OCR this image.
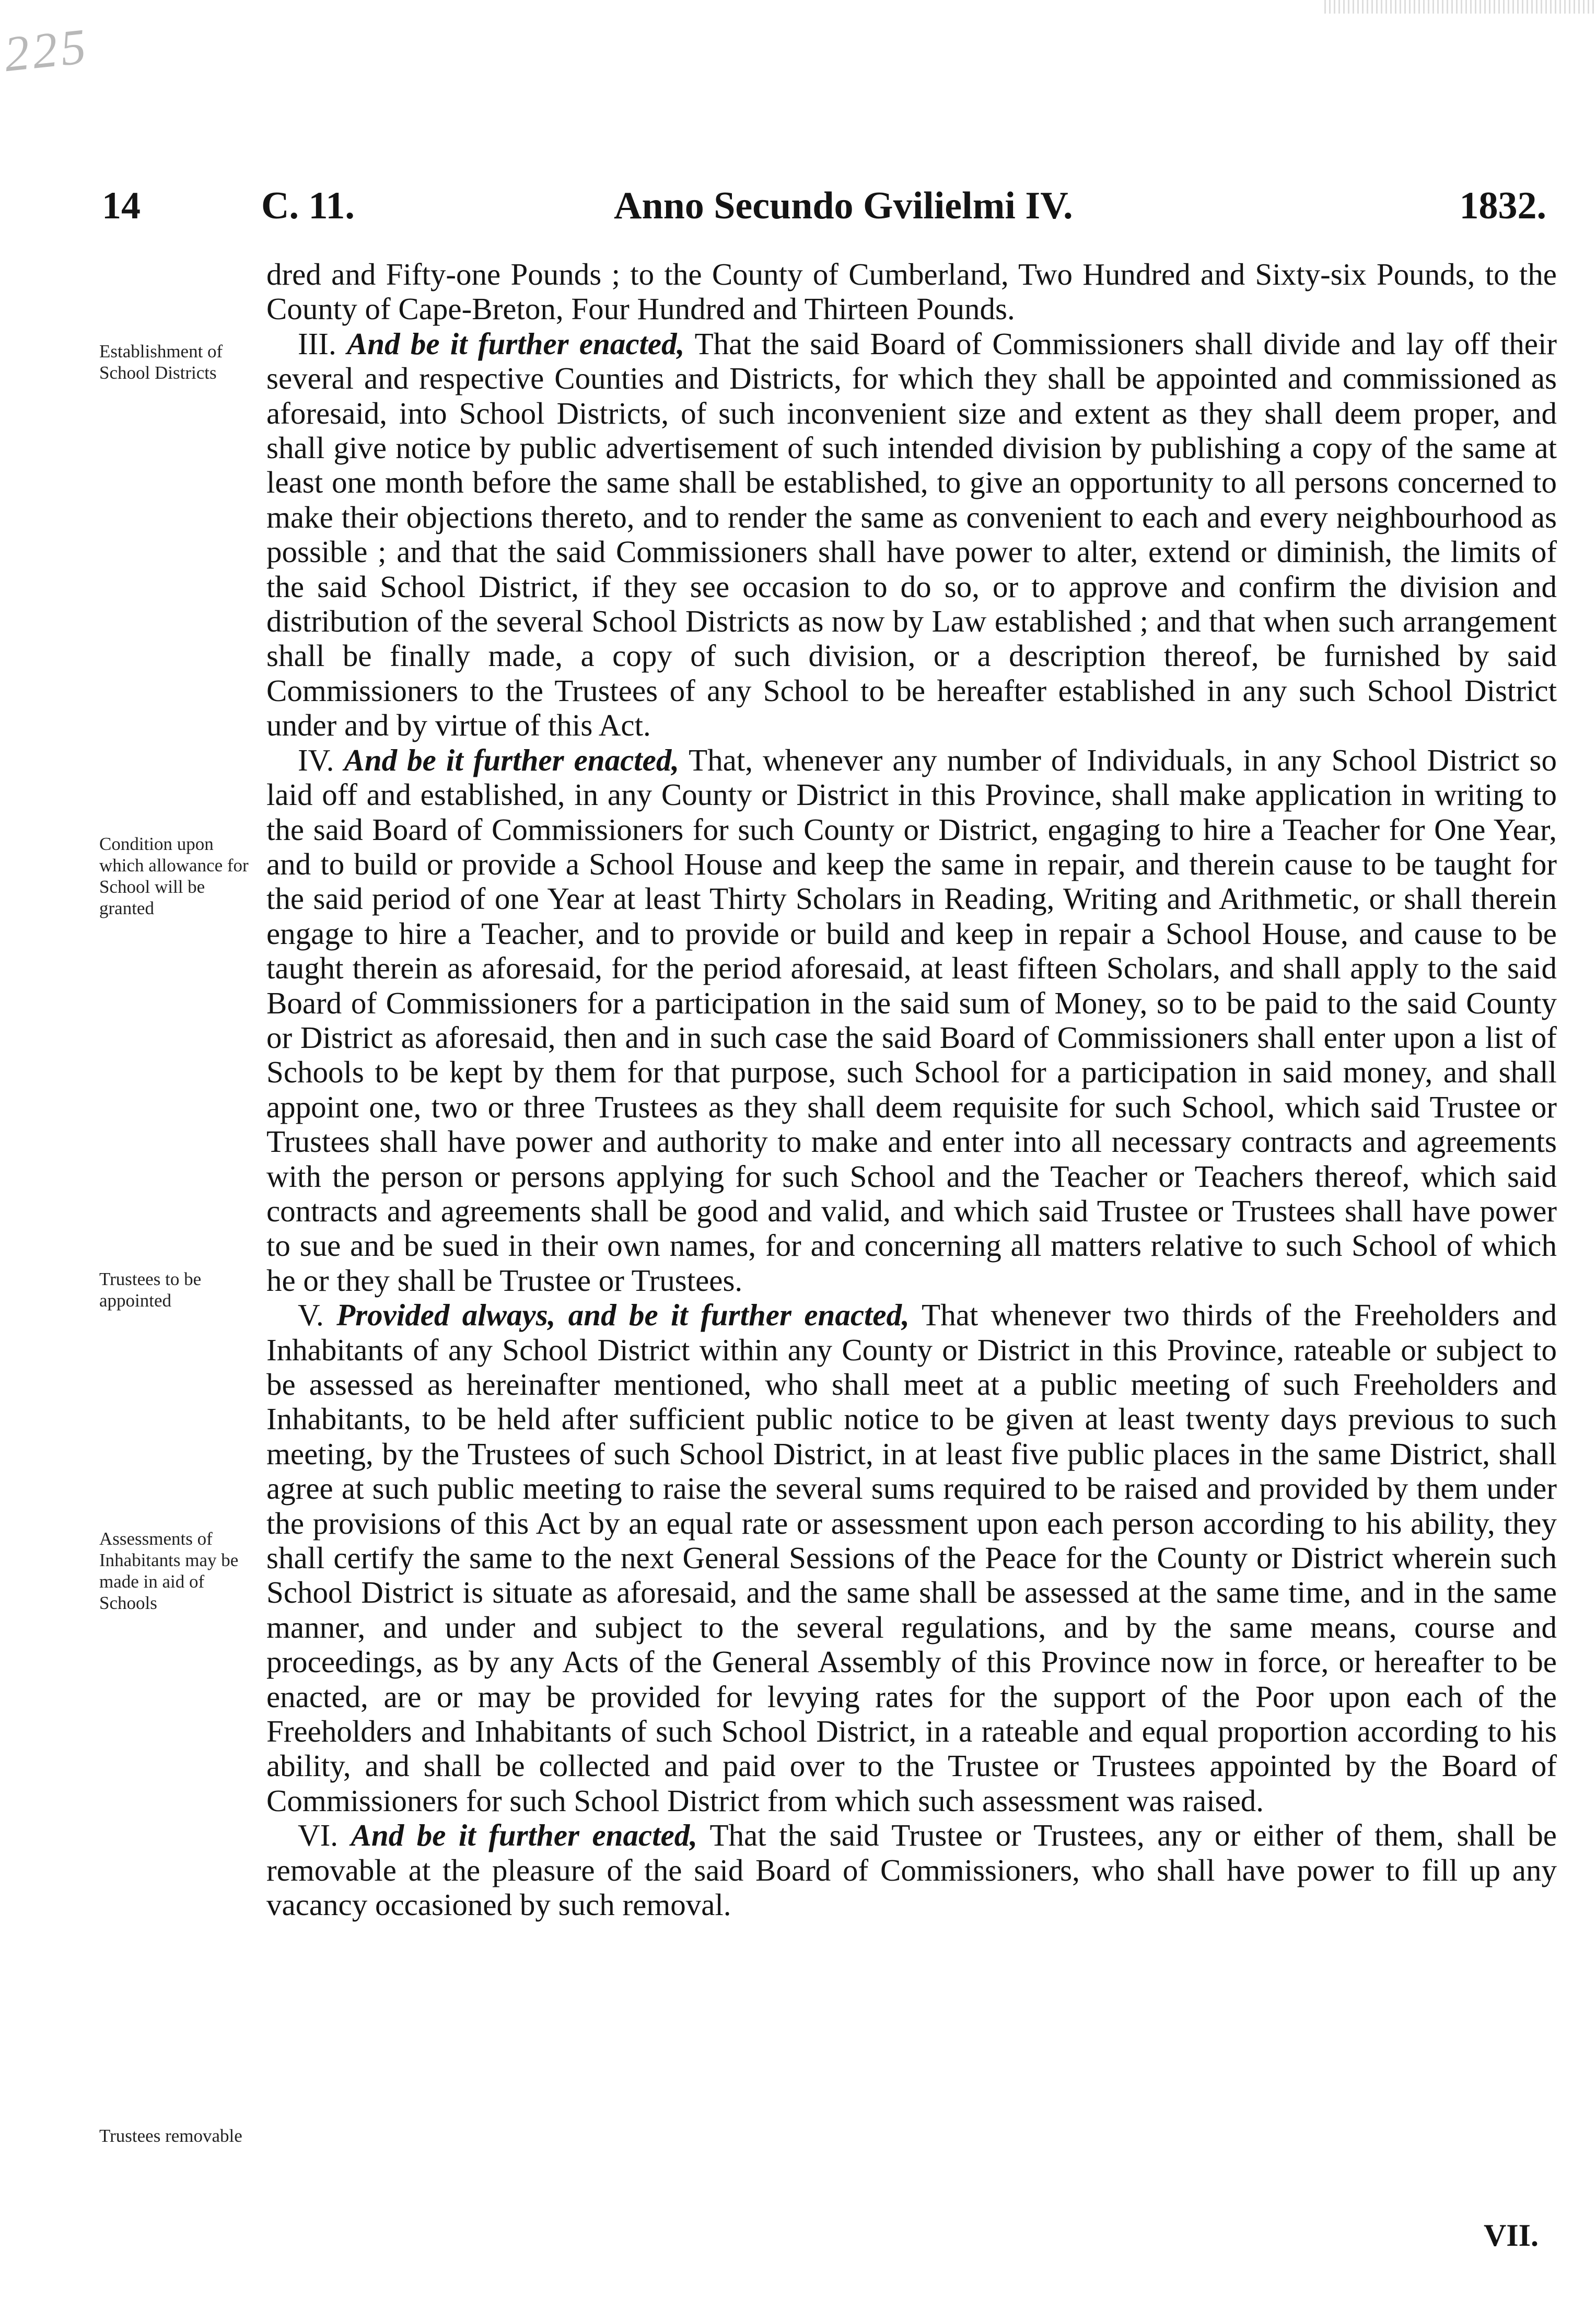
225
14	C. 11.	Anno Secundo Gvilielmi IV.	1832.
Establishment of School Districts
Condition upon which allowance for School will be granted
Trustees to be appointed
Assessments of Inhabitants may be made in aid of Schools
Trustees removable

dred and Fifty-one Pounds ; to the County of Cumberland, Two Hundred and Sixty-six Pounds, to the County of Cape-Breton, Four Hundred and Thirteen Pounds.

III. And be it further enacted, That the said Board of Commissioners shall divide and lay off their several and respective Counties and Districts, for which they shall be appointed and commissioned as aforesaid, into School Districts, of such inconvenient size and extent as they shall deem proper, and shall give notice by public advertisement of such intended division by publishing a copy of the same at least one month before the same shall be established, to give an opportunity to all persons concerned to make their objections thereto, and to render the same as convenient to each and every neighbourhood as possible ; and that the said Commissioners shall have power to alter, extend or diminish, the limits of the said School District, if they see occasion to do so, or to approve and confirm the division and distribution of the several School Districts as now by Law established ; and that when such arrangement shall be finally made, a copy of such division, or a description thereof, be furnished by said Commissioners to the Trustees of any School to be hereafter established in any such School District under and by virtue of this Act.

IV. And be it further enacted, That, whenever any number of Individuals, in any School District so laid off and established, in any County or District in this Province, shall make application in writing to the said Board of Commissioners for such County or District, engaging to hire a Teacher for One Year, and to build or provide a School House and keep the same in repair, and therein cause to be taught for the said period of one Year at least Thirty Scholars in Reading, Writing and Arithmetic, or shall therein engage to hire a Teacher, and to provide or build and keep in repair a School House, and cause to be taught therein as aforesaid, for the period aforesaid, at least fifteen Scholars, and shall apply to the said Board of Commissioners for a participation in the said sum of Money, so to be paid to the said County or District as aforesaid, then and in such case the said Board of Commissioners shall enter upon a list of Schools to be kept by them for that purpose, such School for a participation in said money, and shall appoint one, two or three Trustees as they shall deem requisite for such School, which said Trustee or Trustees shall have power and authority to make and enter into all necessary contracts and agreements with the person or persons applying for such School and the Teacher or Teachers thereof, which said contracts and agreements shall be good and valid, and which said Trustee or Trustees shall have power to sue and be sued in their own names, for and concerning all matters relative to such School of which he or they shall be Trustee or Trustees.

V. Provided always, and be it further enacted, That whenever two thirds of the Freeholders and Inhabitants of any School District within any County or District in this Province, rateable or subject to be assessed as hereinafter mentioned, who shall meet at a public meeting of such Freeholders and Inhabitants, to be held after sufficient public notice to be given at least twenty days previous to such meeting, by the Trustees of such School District, in at least five public places in the same District, shall agree at such public meeting to raise the several sums required to be raised and provided by them under the provisions of this Act by an equal rate or assessment upon each person according to his ability, they shall certify the same to the next General Sessions of the Peace for the County or District wherein such School District is situate as aforesaid, and the same shall be assessed at the same time, and in the same manner, and under and subject to the several regulations, and by the same means, course and proceedings, as by any Acts of the General Assembly of this Province now in force, or hereafter to be enacted, are or may be provided for levying rates for the support of the Poor upon each of the Freeholders and Inhabitants of such School District, in a rateable and equal proportion according to his ability, and shall be collected and paid over to the Trustee or Trustees appointed by the Board of Commissioners for such School District from which such assessment was raised.

VI. And be it further enacted, That the said Trustee or Trustees, any or either of them, shall be removable at the pleasure of the said Board of Commissioners, who shall have power to fill up any vacancy occasioned by such removal.

VII.
